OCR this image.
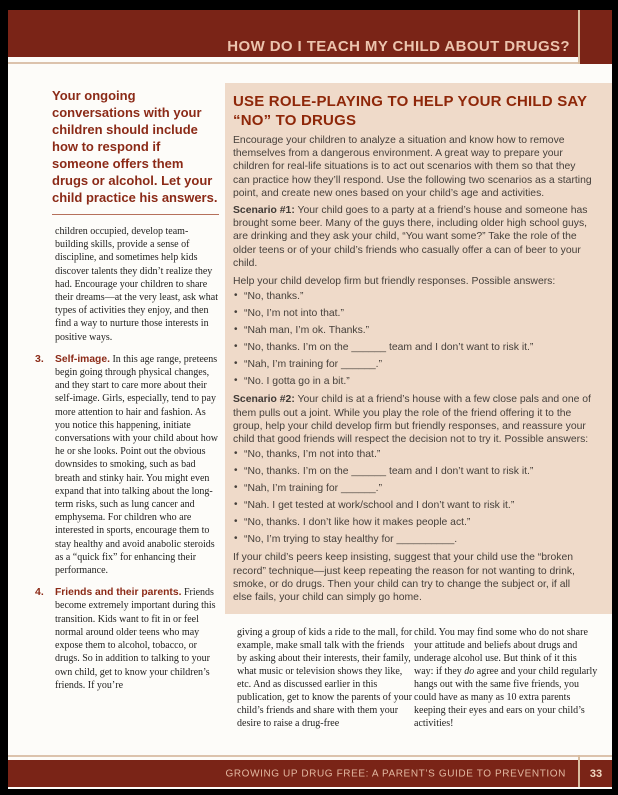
HOW DO I TEACH MY CHILD ABOUT DRUGS?

Your ongoing conversations with your children should include how to respond if someone offers them drugs or alcohol. Let your child practice his answers.

children occupied, develop team-building skills, provide a sense of discipline, and sometimes help kids discover talents they didn’t realize they had. Encourage your children to share their dreams—at the very least, ask what types of activities they enjoy, and then find a way to nurture those interests in positive ways.

3.	Self-image. In this age range, preteens begin going through physical changes, and they start to care more about their self-image. Girls, especially, tend to pay more attention to hair and fashion. As you notice this happening, initiate conversations with your child about how he or she looks. Point out the obvious downsides to smoking, such as bad breath and stinky hair. You might even expand that into talking about the long-term risks, such as lung cancer and emphysema. For children who are interested in sports, encourage them to stay healthy and avoid anabolic steroids as a “quick fix” for enhancing their performance.
4.	Friends and their parents. Friends become extremely important during this transition. Kids want to fit in or feel normal around older teens who may expose them to alcohol, tobacco, or drugs. So in addition to talking to your own child, get to know your children’s friends. If you’re
USE ROLE-PLAYING TO HELP YOUR CHILD SAY “NO” TO DRUGS

Encourage your children to analyze a situation and know how to remove themselves from a dangerous environment. A great way to prepare your children for real-life situations is to act out scenarios with them so that they can practice how they’ll respond. Use the following two scenarios as a starting point, and create new ones based on your child’s age and activities.

Scenario #1: Your child goes to a party at a friend’s house and someone has brought some beer. Many of the guys there, including older high school guys, are drinking and they ask your child, “You want some?” Take the role of the older teens or of your child’s friends who casually offer a can of beer to your child.

Help your child develop firm but friendly responses. Possible answers:

• “No, thanks.”
• “No, I’m not into that.”
• “Nah man, I’m ok. Thanks.”
• “No, thanks. I’m on the ______ team and I don’t want to risk it.”
• “Nah, I’m training for ______.”
• “No. I gotta go in a bit.”

Scenario #2: Your child is at a friend’s house with a few close pals and one of them pulls out a joint. While you play the role of the friend offering it to the group, help your child develop firm but friendly responses, and reassure your child that good friends will respect the decision not to try it. Possible answers:

• “No, thanks, I’m not into that.”
• “No, thanks. I’m on the ______ team and I don’t want to risk it.”
• “Nah, I’m training for ______.”
• “Nah. I get tested at work/school and I don’t want to risk it.”
• “No, thanks. I don’t like how it makes people act.”
• “No, I’m trying to stay healthy for __________.

If your child’s peers keep insisting, suggest that your child use the “broken record” technique—just keep repeating the reason for not wanting to drink, smoke, or do drugs. Then your child can try to change the subject or, if all else fails, your child can simply go home.

giving a group of kids a ride to the mall, for example, make small talk with the friends by asking about their interests, their family, what music or television shows they like, etc. And as discussed earlier in this publication, get to know the parents of your child’s friends and share with them your desire to raise a drug-free

child. You may find some who do not share your attitude and beliefs about drugs and underage alcohol use. But think of it this way: if they do agree and your child regularly hangs out with the same five friends, you could have as many as 10 extra parents keeping their eyes and ears on your child’s activities!

GROWING UP DRUG FREE: A PARENT’S GUIDE TO PREVENTION	33
